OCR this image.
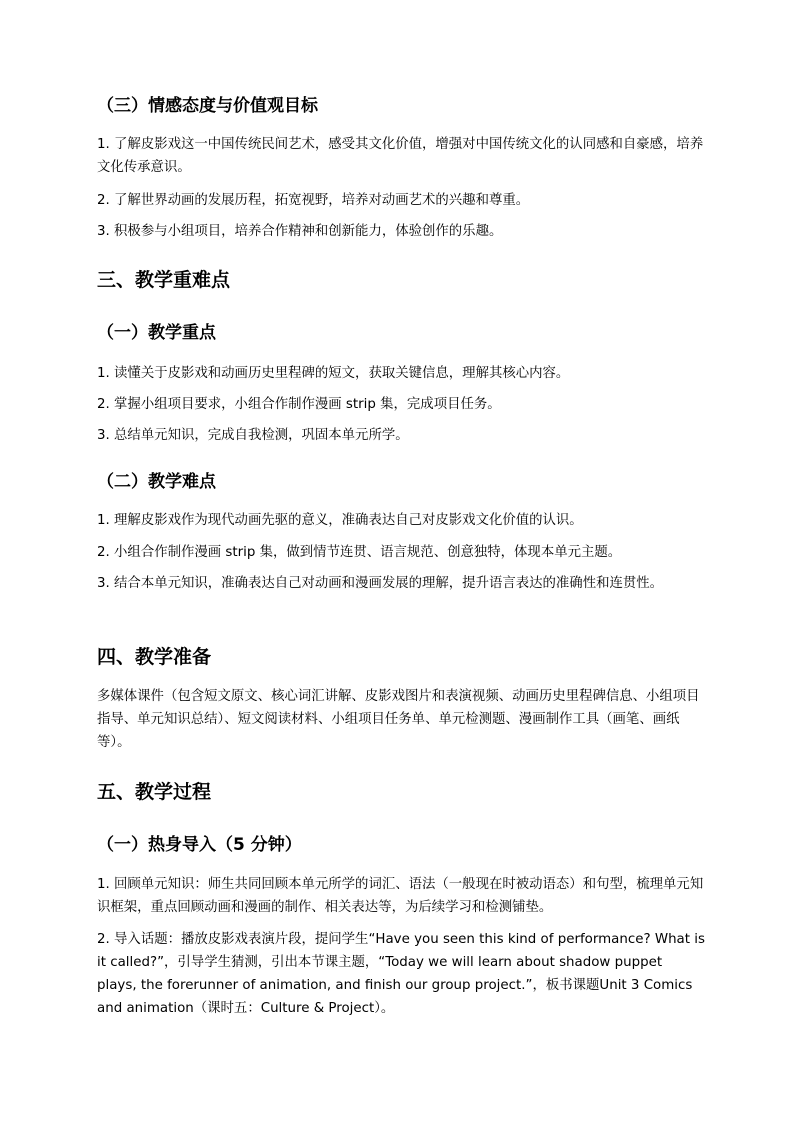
（三）情感态度与价值观目标
1. 了解皮影戏这一中国传统民间艺术，感受其文化价值，增强对中国传统文化的认同感和自豪感，培养文化传承意识。
2. 了解世界动画的发展历程，拓宽视野，培养对动画艺术的兴趣和尊重。
3. 积极参与小组项目，培养合作精神和创新能力，体验创作的乐趣。
三、教学重难点
（一）教学重点
1. 读懂关于皮影戏和动画历史里程碑的短文，获取关键信息，理解其核心内容。
2. 掌握小组项目要求，小组合作制作漫画 strip 集，完成项目任务。
3. 总结单元知识，完成自我检测，巩固本单元所学。
（二）教学难点
1. 理解皮影戏作为现代动画先驱的意义，准确表达自己对皮影戏文化价值的认识。
2. 小组合作制作漫画 strip 集，做到情节连贯、语言规范、创意独特，体现本单元主题。
3. 结合本单元知识，准确表达自己对动画和漫画发展的理解，提升语言表达的准确性和连贯性。
四、教学准备
多媒体课件（包含短文原文、核心词汇讲解、皮影戏图片和表演视频、动画历史里程碑信息、小组项目指导、单元知识总结）、短文阅读材料、小组项目任务单、单元检测题、漫画制作工具（画笔、画纸等）。
五、教学过程
（一）热身导入（5 分钟）
1. 回顾单元知识：师生共同回顾本单元所学的词汇、语法（一般现在时被动语态）和句型，梳理单元知识框架，重点回顾动画和漫画的制作、相关表达等，为后续学习和检测铺垫。
2. 导入话题：播放皮影戏表演片段，提问学生“Have you seen this kind of performance? What is it called?”，引导学生猜测，引出本节课主题，“Today we will learn about shadow puppet plays, the forerunner of animation, and finish our group project.”，板书课题Unit 3 Comics and animation（课时五：Culture & Project）。
